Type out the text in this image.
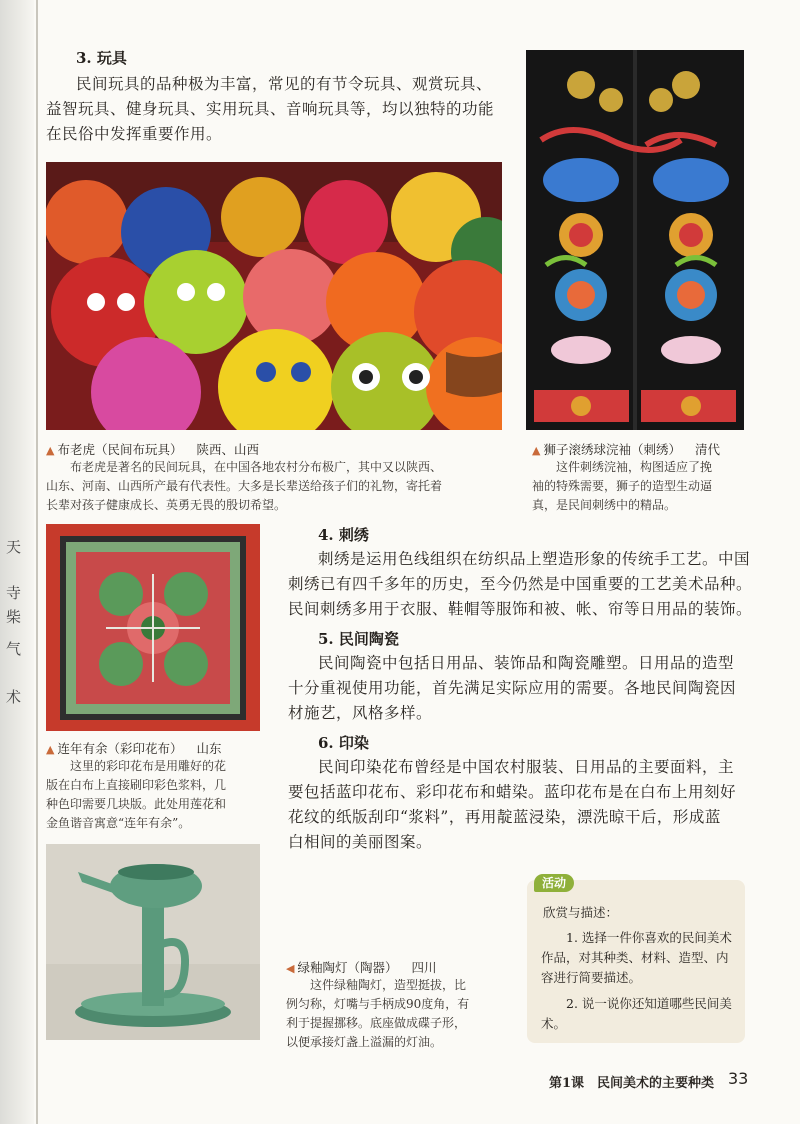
天
寺
柴
气
术
3. 玩具
民间玩具的品种极为丰富，常见的有节令玩具、观赏玩具、
益智玩具、健身玩具、实用玩具、音响玩具等，均以独特的功能
在民俗中发挥重要作用。
▲ 布老虎（民间布玩具） 陕西、山西
布老虎是著名的民间玩具，在中国各地农村分布极广，其中又以陕西、
山东、河南、山西所产最有代表性。大多是长辈送给孩子们的礼物，寄托着
长辈对孩子健康成长、英勇无畏的殷切希望。
▲ 狮子滚绣球浣袖（刺绣） 清代
这件刺绣浣袖，构图适应了挽
袖的特殊需要，狮子的造型生动逼
真，是民间刺绣中的精品。
▲ 连年有余（彩印花布） 山东
这里的彩印花布是用雕好的花
版在白布上直接刷印彩色浆料，几
种色印需要几块版。此处用莲花和
金鱼谐音寓意“连年有余”。
4. 刺绣
刺绣是运用色线组织在纺织品上塑造形象的传统手工艺。中国
刺绣已有四千多年的历史，至今仍然是中国重要的工艺美术品种。
民间刺绣多用于衣服、鞋帽等服饰和被、帐、帘等日用品的装饰。
5. 民间陶瓷
民间陶瓷中包括日用品、装饰品和陶瓷雕塑。日用品的造型
十分重视使用功能，首先满足实际应用的需要。各地民间陶瓷因
材施艺，风格多样。
6. 印染
民间印染花布曾经是中国农村服装、日用品的主要面料，主
要包括蓝印花布、彩印花布和蜡染。蓝印花布是在白布上用刻好
花纹的纸版刮印“浆料”，再用靛蓝浸染，漂洗晾干后，形成蓝
白相间的美丽图案。
◀ 绿釉陶灯（陶器） 四川
这件绿釉陶灯，造型挺拔，比
例匀称，灯嘴与手柄成90度角，有
利于提握挪移。底座做成碟子形，
以便承接灯盏上溢漏的灯油。
活动
欣赏与描述：
1. 选择一件你喜欢的民间美术作品，对其种类、材料、造型、内容进行简要描述。
2. 说一说你还知道哪些民间美术。
第1课　民间美术的主要种类 33
